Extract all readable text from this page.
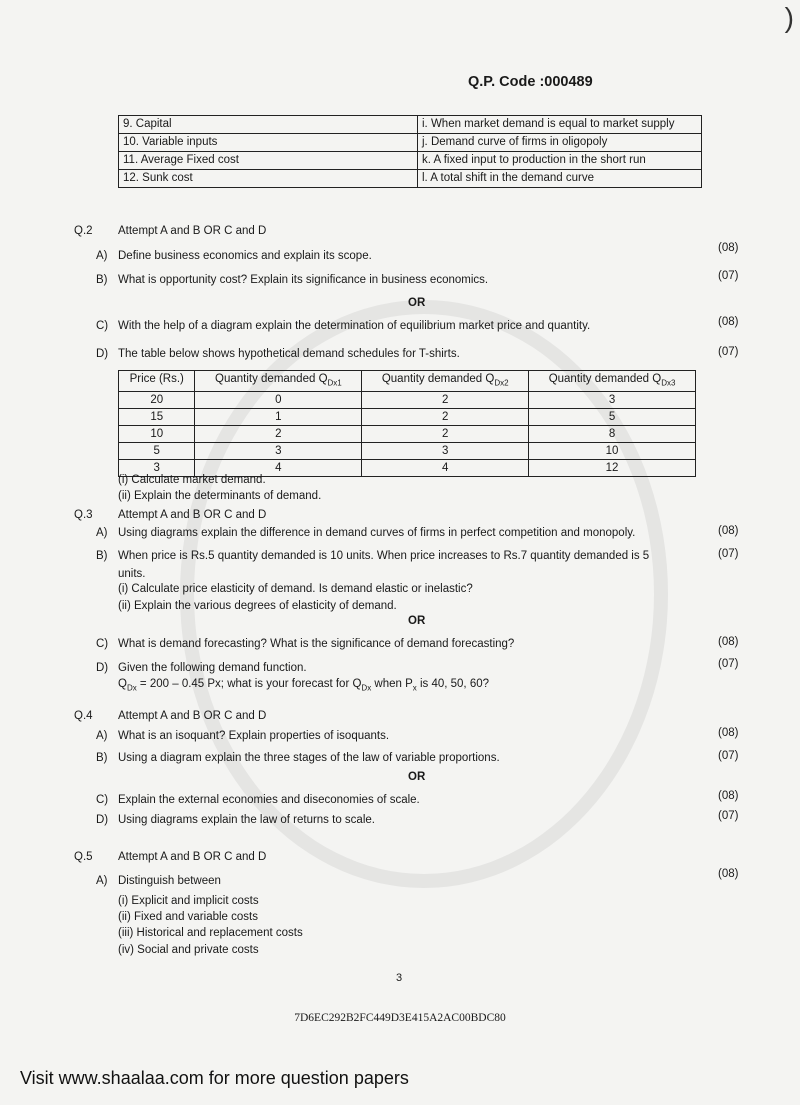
)
Q.P. Code :000489
9. Capital	i. When market demand is equal to market supply
10. Variable inputs	j. Demand curve of firms in oligopoly
11. Average Fixed cost	k. A fixed input to production in the short run
12. Sunk cost	l. A total shift in the demand curve
Q.2 Attempt A and B OR C and D
A) Define business economics and explain its scope.
(08)
B) What is opportunity cost? Explain its significance in business economics.	(07)
OR
C) With the help of a diagram explain the determination of equilibrium market price and quantity.	(08)
D) The table below shows hypothetical demand schedules for T-shirts.	(07)
Price (Rs.)	Quantity demanded $Q_{Dx1}$	Quantity demanded $Q_{Dx2}$	Quantity demanded $Q_{Dx3}$
20	0	2	3
15	1	2	5
10	2	2	8
5	3	3	10
3	4	4	12
(i) Calculate market demand.
(ii) Explain the determinants of demand.
Q.3 Attempt A and B OR C and D
A) Using diagrams explain the difference in demand curves of firms in perfect competition and monopoly.	(08)
B) When price is Rs.5 quantity demanded is 10 units. When price increases to Rs.7 quantity demanded is 5
units.
(07)
(i) Calculate price elasticity of demand. Is demand elastic or inelastic?
(ii) Explain the various degrees of elasticity of demand.
OR
C) What is demand forecasting? What is the significance of demand forecasting?	(08)
D) Given the following demand function.	(07)
$Q_{Dx} = 200 - 0.45$ Px; what is your forecast for $Q_{Dx}$ when $P_x$ is 40, 50, 60?
Q.4 Attempt A and B OR C and D
A) What is an isoquant? Explain properties of isoquants.	(08)
B) Using a diagram explain the three stages of the law of variable proportions.	(07)
OR
C) Explain the external economies and diseconomies of scale.	(08)
D) Using diagrams explain the law of returns to scale.	(07)
Q.5 Attempt A and B OR C and D
A) Distinguish between
(08)
(i) Explicit and implicit costs
(ii) Fixed and variable costs
(iii) Historical and replacement costs
(iv) Social and private costs
3
7D6EC292B2FC449D3E415A2AC00BDC80
Visit www.shaalaa.com for more question papers
